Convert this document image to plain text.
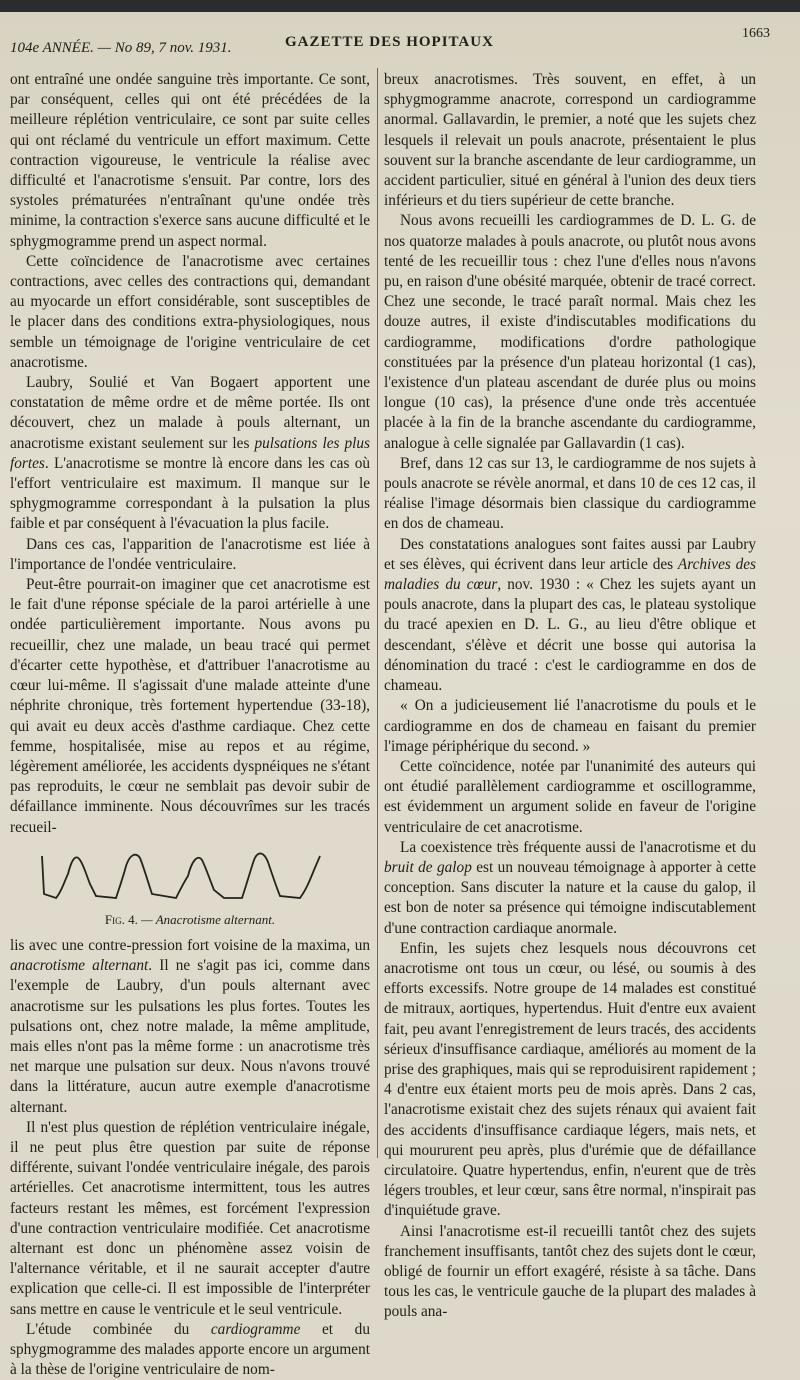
104e ANNÉE. — No 89, 7 nov. 1931.	GAZETTE DES HOPITAUX
1663

ont entraîné une ondée sanguine très importante. Ce sont, par conséquent, celles qui ont été précédées de la meilleure réplétion ventriculaire, ce sont par suite celles qui ont réclamé du ventricule un effort maximum. Cette contraction vigoureuse, le ventricule la réalise avec difficulté et l'anacrotisme s'ensuit. Par contre, lors des systoles prématurées n'entraînant qu'une ondée très minime, la contraction s'exerce sans aucune difficulté et le sphygmogramme prend un aspect normal.

Cette coïncidence de l'anacrotisme avec certaines contractions, avec celles des contractions qui, demandant au myocarde un effort considérable, sont susceptibles de le placer dans des conditions extra-physiologiques, nous semble un témoignage de l'origine ventriculaire de cet anacrotisme.

Laubry, Soulié et Van Bogaert apportent une constatation de même ordre et de même portée. Ils ont découvert, chez un malade à pouls alternant, un anacrotisme existant seulement sur les pulsations les plus fortes. L'anacrotisme se montre là encore dans les cas où l'effort ventriculaire est maximum. Il manque sur le sphygmogramme correspondant à la pulsation la plus faible et par conséquent à l'évacuation la plus facile.

Dans ces cas, l'apparition de l'anacrotisme est liée à l'importance de l'ondée ventriculaire.

Peut-être pourrait-on imaginer que cet anacrotisme est le fait d'une réponse spéciale de la paroi artérielle à une ondée particulièrement importante. Nous avons pu recueillir, chez une malade, un beau tracé qui permet d'écarter cette hypothèse, et d'attribuer l'anacrotisme au cœur lui-même. Il s'agissait d'une malade atteinte d'une néphrite chronique, très fortement hypertendue (33-18), qui avait eu deux accès d'asthme cardiaque. Chez cette femme, hospitalisée, mise au repos et au régime, légèrement améliorée, les accidents dyspnéiques ne s'étant pas reproduits, le cœur ne semblait pas devoir subir de défaillance imminente. Nous découvrîmes sur les tracés recueil-

Fig. 4. — Anacrotisme alternant.

lis avec une contre-pression fort voisine de la maxima, un anacrotisme alternant. Il ne s'agit pas ici, comme dans l'exemple de Laubry, d'un pouls alternant avec anacrotisme sur les pulsations les plus fortes. Toutes les pulsations ont, chez notre malade, la même amplitude, mais elles n'ont pas la même forme : un anacrotisme très net marque une pulsation sur deux. Nous n'avons trouvé dans la littérature, aucun autre exemple d'anacrotisme alternant.

Il n'est plus question de réplétion ventriculaire inégale, il ne peut plus être question par suite de réponse différente, suivant l'ondée ventriculaire inégale, des parois artérielles. Cet anacrotisme intermittent, tous les autres facteurs restant les mêmes, est forcément l'expression d'une contraction ventriculaire modifiée. Cet anacrotisme alternant est donc un phénomène assez voisin de l'alternance véritable, et il ne saurait accepter d'autre explication que celle-ci. Il est impossible de l'interpréter sans mettre en cause le ventricule et le seul ventricule.

L'étude combinée du cardiogramme et du sphygmogramme des malades apporte encore un argument à la thèse de l'origine ventriculaire de nom-

breux anacrotismes. Très souvent, en effet, à un sphygmogramme anacrote, correspond un cardiogramme anormal. Gallavardin, le premier, a noté que les sujets chez lesquels il relevait un pouls anacrote, présentaient le plus souvent sur la branche ascendante de leur cardiogramme, un accident particulier, situé en général à l'union des deux tiers inférieurs et du tiers supérieur de cette branche.

Nous avons recueilli les cardiogrammes de D. L. G. de nos quatorze malades à pouls anacrote, ou plutôt nous avons tenté de les recueillir tous : chez l'une d'elles nous n'avons pu, en raison d'une obésité marquée, obtenir de tracé correct. Chez une seconde, le tracé paraît normal. Mais chez les douze autres, il existe d'indiscutables modifications du cardiogramme, modifications d'ordre pathologique constituées par la présence d'un plateau horizontal (1 cas), l'existence d'un plateau ascendant de durée plus ou moins longue (10 cas), la présence d'une onde très accentuée placée à la fin de la branche ascendante du cardiogramme, analogue à celle signalée par Gallavardin (1 cas).

Bref, dans 12 cas sur 13, le cardiogramme de nos sujets à pouls anacrote se révèle anormal, et dans 10 de ces 12 cas, il réalise l'image désormais bien classique du cardiogramme en dos de chameau.

Des constatations analogues sont faites aussi par Laubry et ses élèves, qui écrivent dans leur article des Archives des maladies du cœur, nov. 1930 : « Chez les sujets ayant un pouls anacrote, dans la plupart des cas, le plateau systolique du tracé apexien en D. L. G., au lieu d'être oblique et descendant, s'élève et décrit une bosse qui autorisa la dénomination du tracé : c'est le cardiogramme en dos de chameau.

« On a judicieusement lié l'anacrotisme du pouls et le cardiogramme en dos de chameau en faisant du premier l'image périphérique du second. »

Cette coïncidence, notée par l'unanimité des auteurs qui ont étudié parallèlement cardiogramme et oscillogramme, est évidemment un argument solide en faveur de l'origine ventriculaire de cet anacrotisme.

La coexistence très fréquente aussi de l'anacrotisme et du bruit de galop est un nouveau témoignage à apporter à cette conception. Sans discuter la nature et la cause du galop, il est bon de noter sa présence qui témoigne indiscutablement d'une contraction cardiaque anormale.

Enfin, les sujets chez lesquels nous découvrons cet anacrotisme ont tous un cœur, ou lésé, ou soumis à des efforts excessifs. Notre groupe de 14 malades est constitué de mitraux, aortiques, hypertendus. Huit d'entre eux avaient fait, peu avant l'enregistrement de leurs tracés, des accidents sérieux d'insuffisance cardiaque, améliorés au moment de la prise des graphiques, mais qui se reproduisirent rapidement ; 4 d'entre eux étaient morts peu de mois après. Dans 2 cas, l'anacrotisme existait chez des sujets rénaux qui avaient fait des accidents d'insuffisance cardiaque légers, mais nets, et qui moururent peu après, plus d'urémie que de défaillance circulatoire. Quatre hypertendus, enfin, n'eurent que de très légers troubles, et leur cœur, sans être normal, n'inspirait pas d'inquiétude grave.

Ainsi l'anacrotisme est-il recueilli tantôt chez des sujets franchement insuffisants, tantôt chez des sujets dont le cœur, obligé de fournir un effort exagéré, résiste à sa tâche. Dans tous les cas, le ventricule gauche de la plupart des malades à pouls ana-
